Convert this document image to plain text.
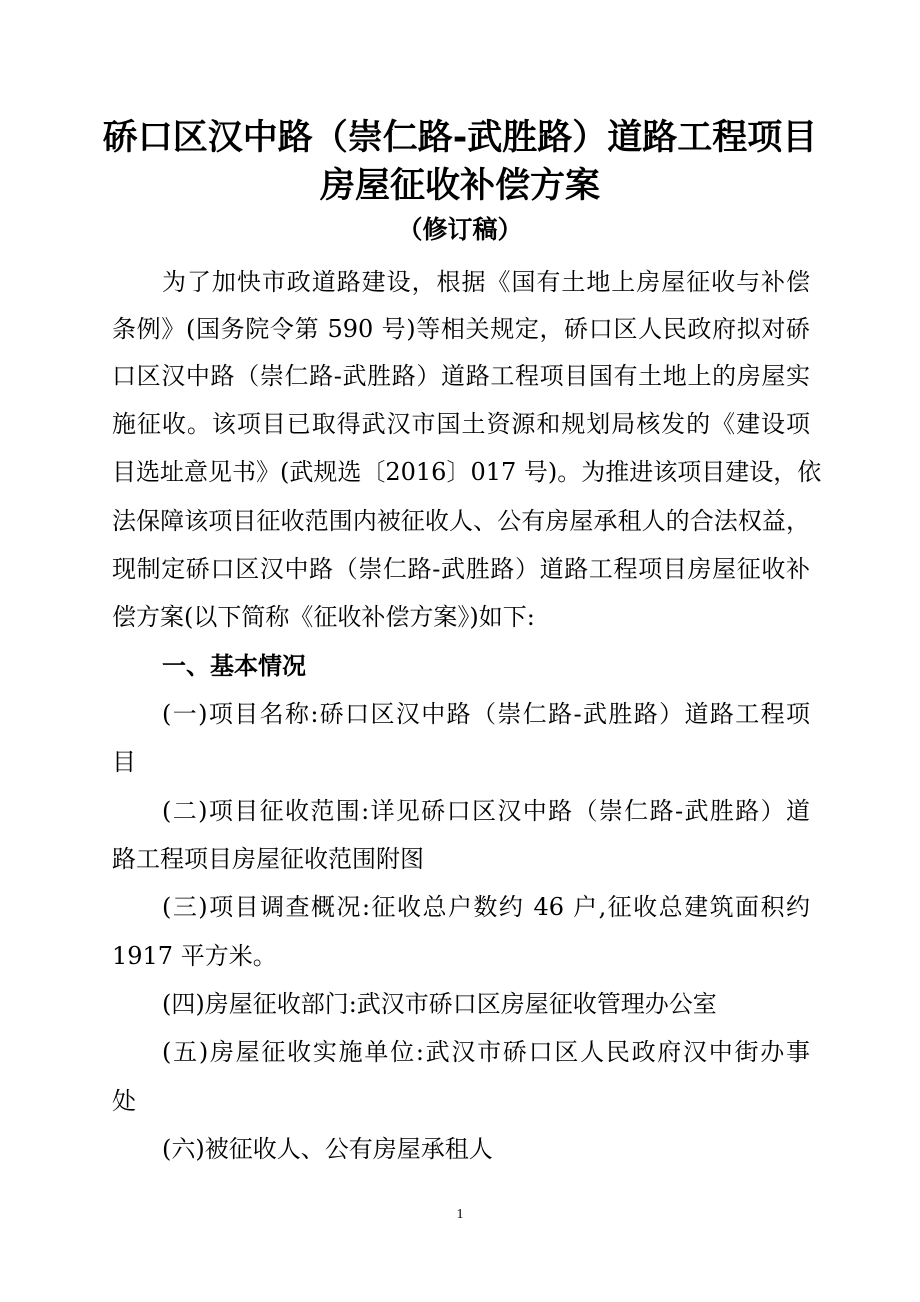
硚口区汉中路（崇仁路-武胜路）道路工程项目
房屋征收补偿方案
（修订稿）
为了加快市政道路建设，根据《国有土地上房屋征收与补偿
条例》(国务院令第 590 号)等相关规定，硚口区人民政府拟对硚
口区汉中路（崇仁路-武胜路）道路工程项目国有土地上的房屋实
施征收。该项目已取得武汉市国土资源和规划局核发的《建设项
目选址意见书》(武规选〔2016〕017 号)。为推进该项目建设，依
法保障该项目征收范围内被征收人、公有房屋承租人的合法权益，
现制定硚口区汉中路（崇仁路-武胜路）道路工程项目房屋征收补
偿方案(以下简称《征收补偿方案》)如下:
一、基本情况
(一)项目名称:硚口区汉中路（崇仁路-武胜路）道路工程项
目
(二)项目征收范围:详见硚口区汉中路（崇仁路-武胜路）道
路工程项目房屋征收范围附图
(三)项目调查概况:征收总户数约 46 户,征收总建筑面积约
1917 平方米。
(四)房屋征收部门:武汉市硚口区房屋征收管理办公室
(五)房屋征收实施单位:武汉市硚口区人民政府汉中街办事
处
(六)被征收人、公有房屋承租人
1
